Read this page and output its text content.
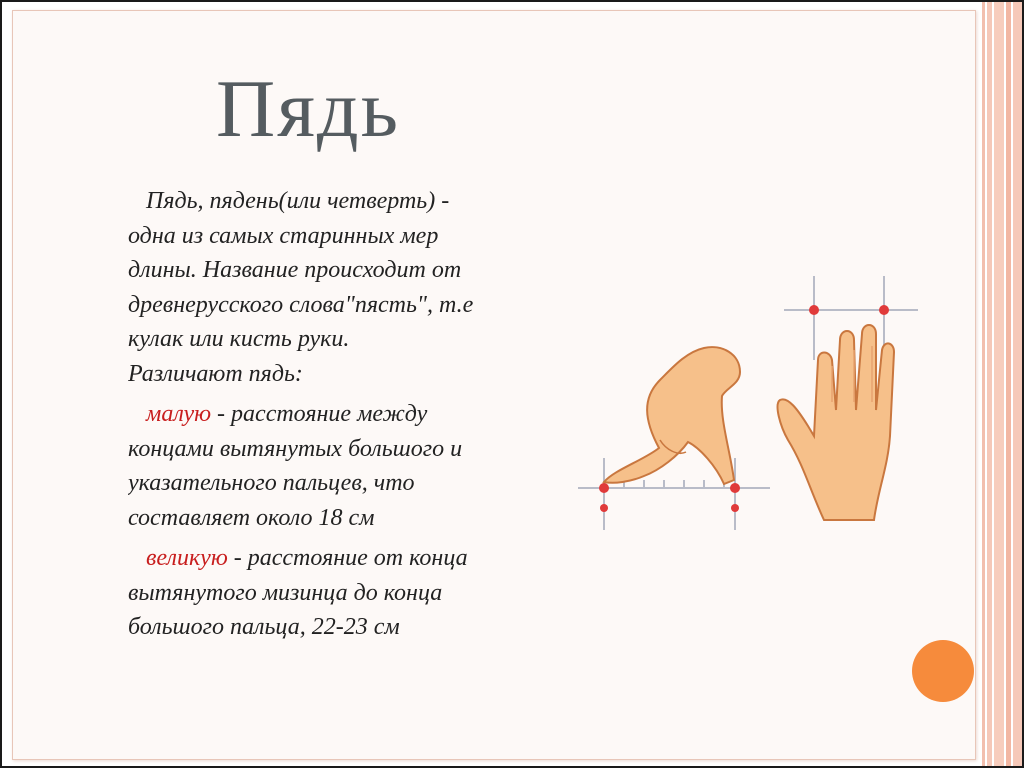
Пядь
Пядь, пядень(или четверть) -
одна из самых старинных мер
длины. Название происходит от
древнерусского слова"пясть", т.е
кулак или кисть руки.
Различают пядь:
малую - расстояние между
концами вытянутых большого и
указательного пальцев, что
составляет около 18 см
великую - расстояние от конца
вытянутого мизинца до конца
большого пальца, 22-23 см
